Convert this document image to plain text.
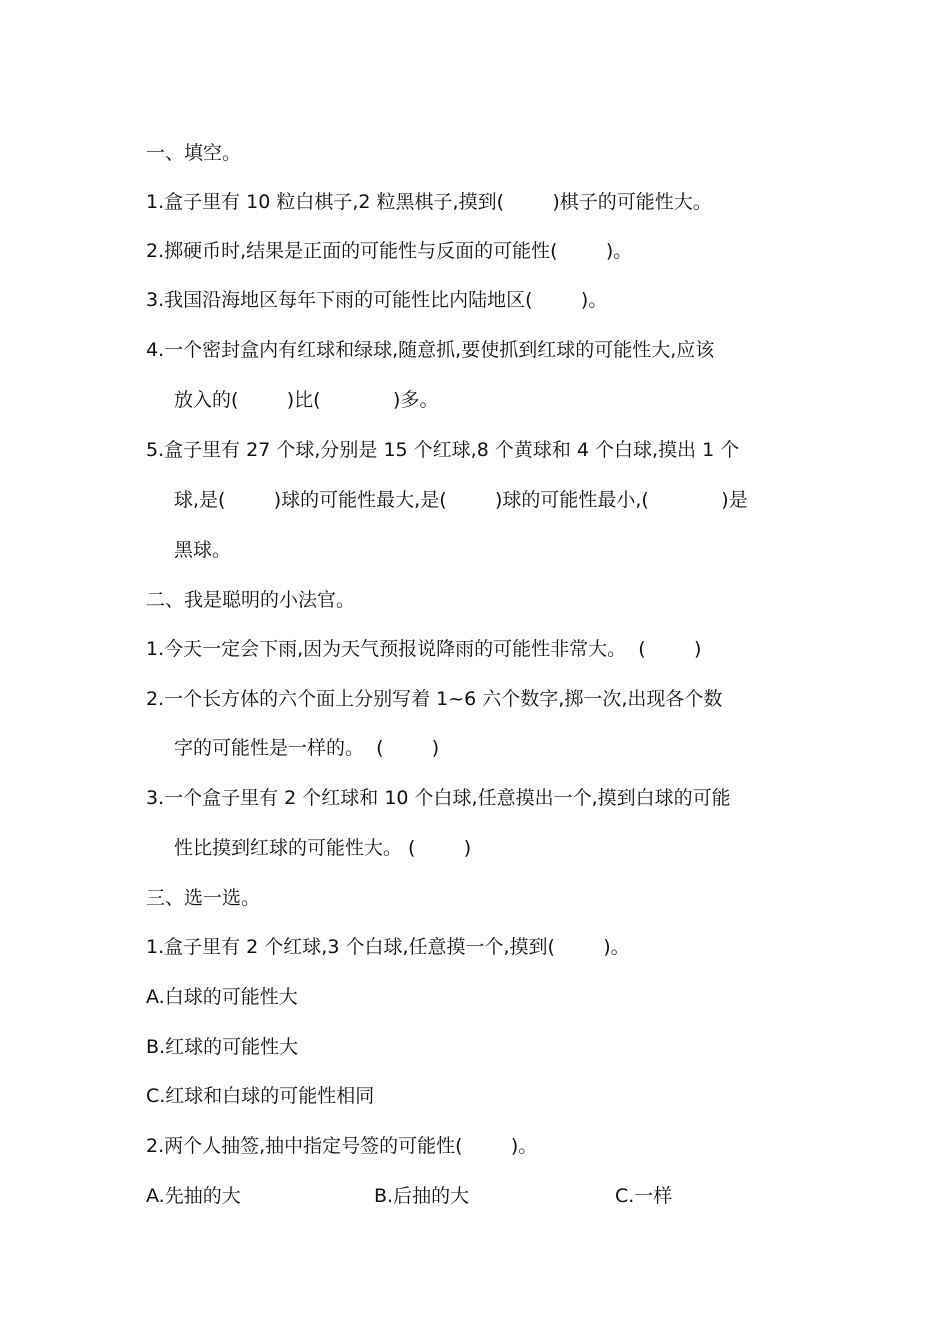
一、填空。
1.盒子里有 10 粒白棋子,2 粒黑棋子,摸到(        )棋子的可能性大。
2.掷硬币时,结果是正面的可能性与反面的可能性(        )。
3.我国沿海地区每年下雨的可能性比内陆地区(        )。
4.一个密封盒内有红球和绿球,随意抓,要使抓到红球的可能性大,应该
放入的(        )比(            )多。
5.盒子里有 27 个球,分别是 15 个红球,8 个黄球和 4 个白球,摸出 1 个
球,是(        )球的可能性最大,是(        )球的可能性最小,(            )是
黑球。
二、我是聪明的小法官。
1.今天一定会下雨,因为天气预报说降雨的可能性非常大。  (        )
2.一个长方体的六个面上分别写着 1~6 六个数字,掷一次,出现各个数
字的可能性是一样的。  (        )
3.一个盒子里有 2 个红球和 10 个白球,任意摸出一个,摸到白球的可能
性比摸到红球的可能性大。 (        )
三、选一选。
1.盒子里有 2 个红球,3 个白球,任意摸一个,摸到(        )。
A.白球的可能性大
B.红球的可能性大
C.红球和白球的可能性相同
2.两个人抽签,抽中指定号签的可能性(        )。
A.先抽的大	B.后抽的大	C.一样
